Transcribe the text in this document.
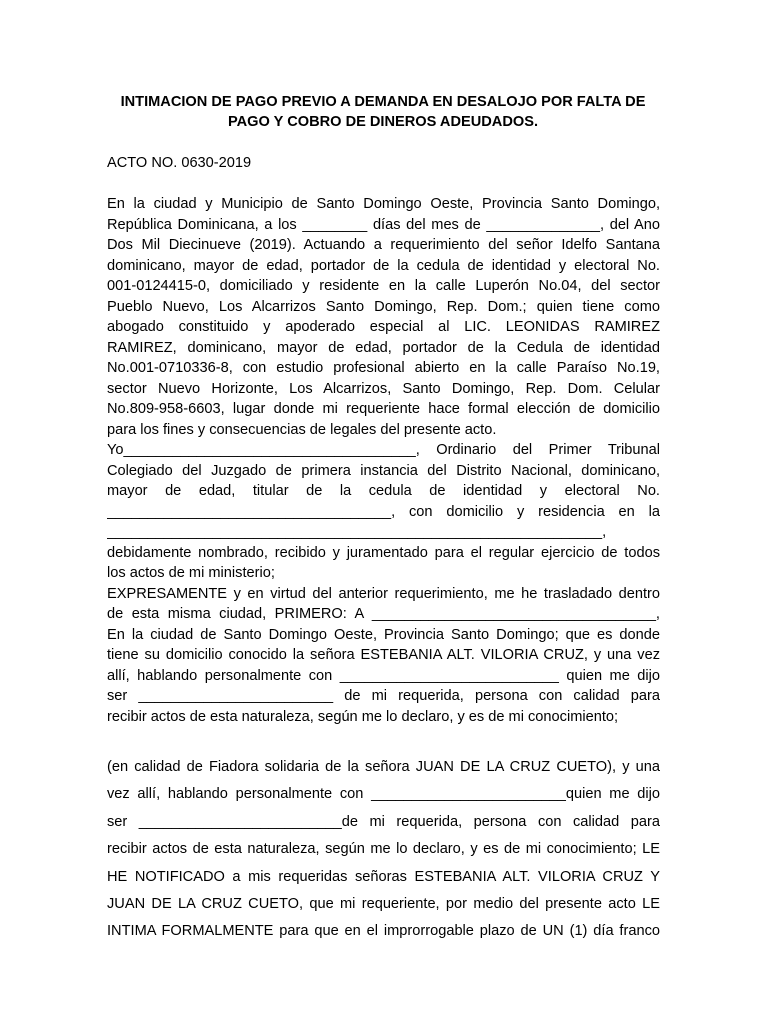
INTIMACION DE PAGO PREVIO A DEMANDA EN DESALOJO POR FALTA DE
PAGO Y COBRO DE DINEROS ADEUDADOS.
ACTO NO. 0630-2019
En la ciudad y Municipio de Santo Domingo Oeste, Provincia Santo Domingo,
República Dominicana, a los ________ días del mes de ______________, del Ano
Dos Mil Diecinueve (2019). Actuando a requerimiento del señor Idelfo Santana
dominicano, mayor de edad, portador de la cedula de identidad y electoral No.
001-0124415-0, domiciliado y residente en la calle Luperón No.04, del sector
Pueblo Nuevo, Los Alcarrizos Santo Domingo, Rep. Dom.; quien tiene como
abogado constituido y apoderado especial al LIC. LEONIDAS RAMIREZ
RAMIREZ, dominicano, mayor de edad, portador de la Cedula de identidad
No.001-0710336-8, con estudio profesional abierto en la calle Paraíso No.19,
sector Nuevo Horizonte, Los Alcarrizos, Santo Domingo, Rep. Dom. Celular
No.809-958-6603, lugar donde mi requeriente hace formal elección de domicilio
para los fines y consecuencias de legales del presente acto.
Yo____________________________________, Ordinario del Primer Tribunal
Colegiado del Juzgado de primera instancia del Distrito Nacional, dominicano,
mayor de edad, titular de la cedula de identidad y electoral No.
___________________________________, con domicilio y residencia en la
_____________________________________________________________,
debidamente nombrado, recibido y juramentado para el regular ejercicio de todos
los actos de mi ministerio;
EXPRESAMENTE y en virtud del anterior requerimiento, me he trasladado dentro
de esta misma ciudad, PRIMERO: A ___________________________________,
En la ciudad de Santo Domingo Oeste, Provincia Santo Domingo; que es donde
tiene su domicilio conocido la señora ESTEBANIA ALT. VILORIA CRUZ, y una vez
allí, hablando personalmente con ___________________________ quien me dijo
ser ________________________ de mi requerida, persona con calidad para
recibir actos de esta naturaleza, según me lo declaro, y es de mi conocimiento;
(en calidad de Fiadora solidaria de la señora JUAN DE LA CRUZ CUETO), y una
vez allí, hablando personalmente con ________________________quien me dijo
ser _________________________de mi requerida, persona con calidad para
recibir actos de esta naturaleza, según me lo declaro, y es de mi conocimiento; LE
HE NOTIFICADO a mis requeridas señoras ESTEBANIA ALT. VILORIA CRUZ Y
JUAN DE LA CRUZ CUETO, que mi requeriente, por medio del presente acto LE
INTIMA FORMALMENTE para que en el improrrogable plazo de UN (1) día franco
